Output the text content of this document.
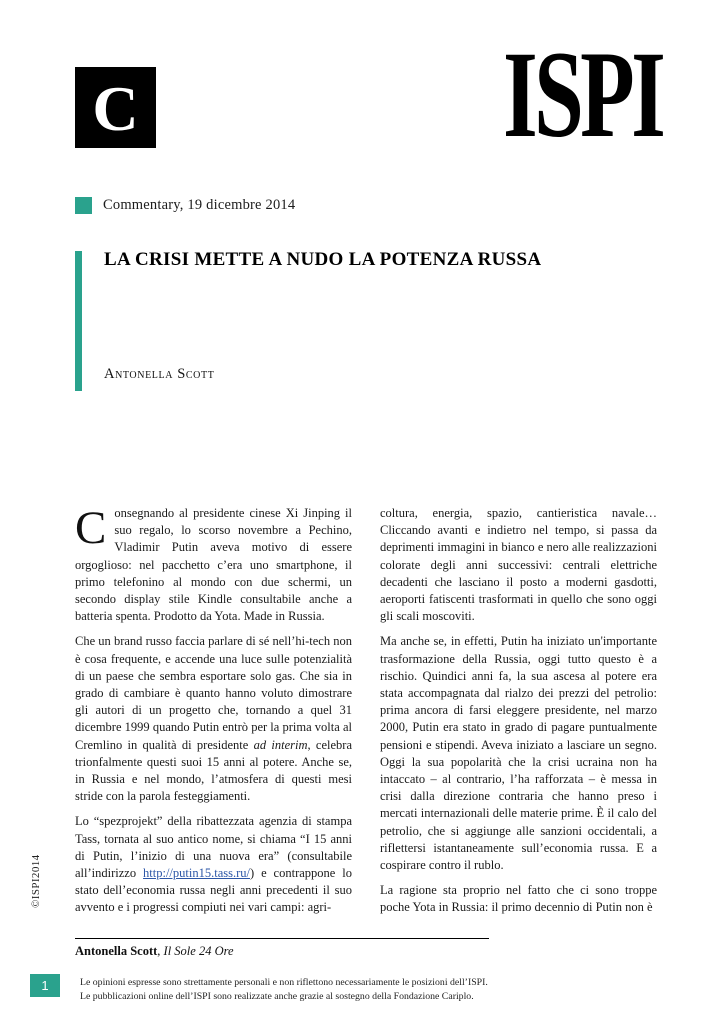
C	ISPI
Commentary, 19 dicembre 2014
LA CRISI METTE A NUDO LA POTENZA RUSSA
Antonella Scott

Consegnando al presidente cinese Xi Jinping il suo regalo, lo scorso novembre a Pechino, Vladimir Putin aveva motivo di essere orgoglioso: nel pacchetto c’era uno smartphone, il primo telefonino al mondo con due schermi, un secondo display stile Kindle consultabile anche a batteria spenta. Prodotto da Yota. Made in Russia.

Che un brand russo faccia parlare di sé nell’hi-tech non è cosa frequente, e accende una luce sulle potenzialità di un paese che sembra esportare solo gas. Che sia in grado di cambiare è quanto hanno voluto dimostrare gli autori di un progetto che, tornando a quel 31 dicembre 1999 quando Putin entrò per la prima volta al Cremlino in qualità di presidente ad interim, celebra trionfalmente questi suoi 15 anni al potere. Anche se, in Russia e nel mondo, l’atmosfera di questi mesi stride con la parola festeggiamenti.

Lo “spezprojekt” della ribattezzata agenzia di stampa Tass, tornata al suo antico nome, si chiama “I 15 anni di Putin, l’inizio di una nuova era” (consultabile all’indirizzo http://putin15.tass.ru/) e contrappone lo stato dell’economia russa negli anni precedenti il suo avvento e i progressi compiuti nei vari campi: agri-

coltura, energia, spazio, cantieristica navale…Cliccando avanti e indietro nel tempo, si passa da deprimenti immagini in bianco e nero alle realizzazioni colorate degli anni successivi: centrali elettriche decadenti che lasciano il posto a moderni gasdotti, aeroporti fatiscenti trasformati in quello che sono oggi gli scali moscoviti.

Ma anche se, in effetti, Putin ha iniziato un'importante trasformazione della Russia, oggi tutto questo è a rischio. Quindici anni fa, la sua ascesa al potere era stata accompagnata dal rialzo dei prezzi del petrolio: prima ancora di farsi eleggere presidente, nel marzo 2000, Putin era stato in grado di pagare puntualmente pensioni e stipendi. Aveva iniziato a lasciare un segno. Oggi la sua popolarità che la crisi ucraina non ha intaccato – al contrario, l’ha rafforzata – è messa in crisi dalla direzione contraria che hanno preso i mercati internazionali delle materie prime. È il calo del petrolio, che si aggiunge alle sanzioni occidentali, a riflettersi istantaneamente sull’economia russa. E a cospirare contro il rublo.

La ragione sta proprio nel fatto che ci sono troppe poche Yota in Russia: il primo decennio di Putin non è

©ISPI2014
Antonella Scott, Il Sole 24 Ore
1	Le opinioni espresse sono strettamente personali e non riflettono necessariamente le posizioni dell’ISPI.
Le pubblicazioni online dell’ISPI sono realizzate anche grazie al sostegno della Fondazione Cariplo.
